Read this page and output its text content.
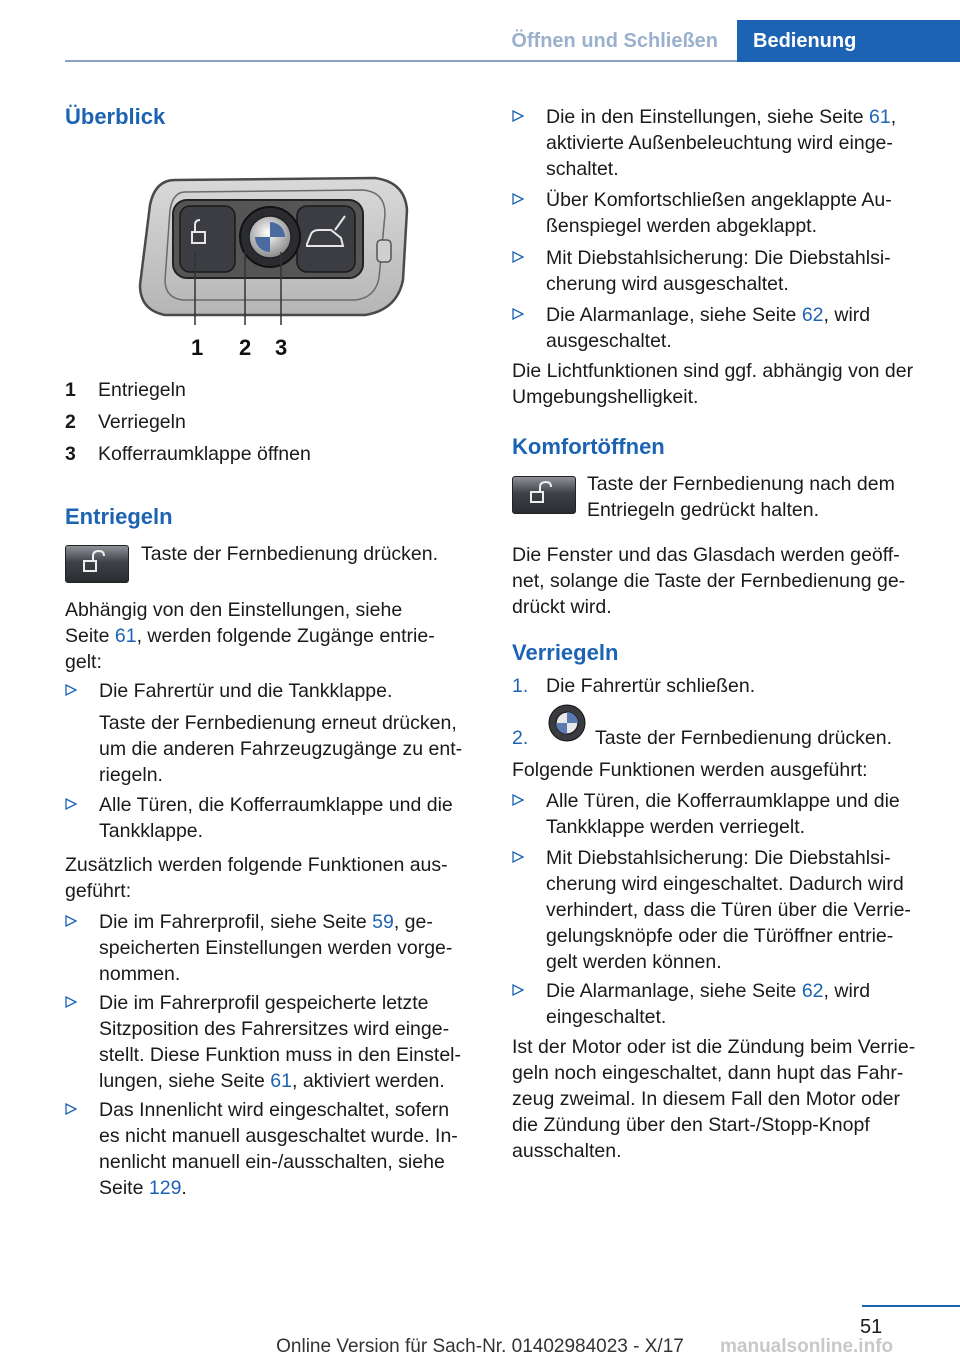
Öffnen und Schließen	Bedienung
Überblick
1 2 3
1 Entriegeln
2 Verriegeln
3 Kofferraumklappe öffnen
Entriegeln
Taste der Fernbedienung drücken.
Abhängig von den Einstellungen, siehe
Seite 61, werden folgende Zugänge entrie-
gelt:
Die Fahrertür und die Tankklappe.
Taste der Fernbedienung erneut drücken,
um die anderen Fahrzeugzugänge zu ent-
riegeln.
Alle Türen, die Kofferraumklappe und die
Tankklappe.
Zusätzlich werden folgende Funktionen aus-
geführt:
Die im Fahrerprofil, siehe Seite 59, ge-
speicherten Einstellungen werden vorge-
nommen.
Die im Fahrerprofil gespeicherte letzte
Sitzposition des Fahrersitzes wird einge-
stellt. Diese Funktion muss in den Einstel-
lungen, siehe Seite 61, aktiviert werden.
Das Innenlicht wird eingeschaltet, sofern
es nicht manuell ausgeschaltet wurde. In-
nenlicht manuell ein-/ausschalten, siehe
Seite 129.
Die in den Einstellungen, siehe Seite 61,
aktivierte Außenbeleuchtung wird einge-
schaltet.
Über Komfortschließen angeklappte Au-
ßenspiegel werden abgeklappt.
Mit Diebstahlsicherung: Die Diebstahlsi-
cherung wird ausgeschaltet.
Die Alarmanlage, siehe Seite 62, wird
ausgeschaltet.
Die Lichtfunktionen sind ggf. abhängig von der
Umgebungshelligkeit.
Komfortöffnen
Taste der Fernbedienung nach dem
Entriegeln gedrückt halten.
Die Fenster und das Glasdach werden geöff-
net, solange die Taste der Fernbedienung ge-
drückt wird.
Verriegeln
1. Die Fahrertür schließen.
2.	Taste der Fernbedienung drücken.
Folgende Funktionen werden ausgeführt:
Alle Türen, die Kofferraumklappe und die
Tankklappe werden verriegelt.
Mit Diebstahlsicherung: Die Diebstahlsi-
cherung wird eingeschaltet. Dadurch wird
verhindert, dass die Türen über die Verrie-
gelungsknöpfe oder die Türöffner entrie-
gelt werden können.
Die Alarmanlage, siehe Seite 62, wird
eingeschaltet.
Ist der Motor oder ist die Zündung beim Verrie-
geln noch eingeschaltet, dann hupt das Fahr-
zeug zweimal. In diesem Fall den Motor oder
die Zündung über den Start-/Stopp-Knopf
ausschalten.
51
Online Version für Sach-Nr. 01402984023 - X/17	manualsonline.info
